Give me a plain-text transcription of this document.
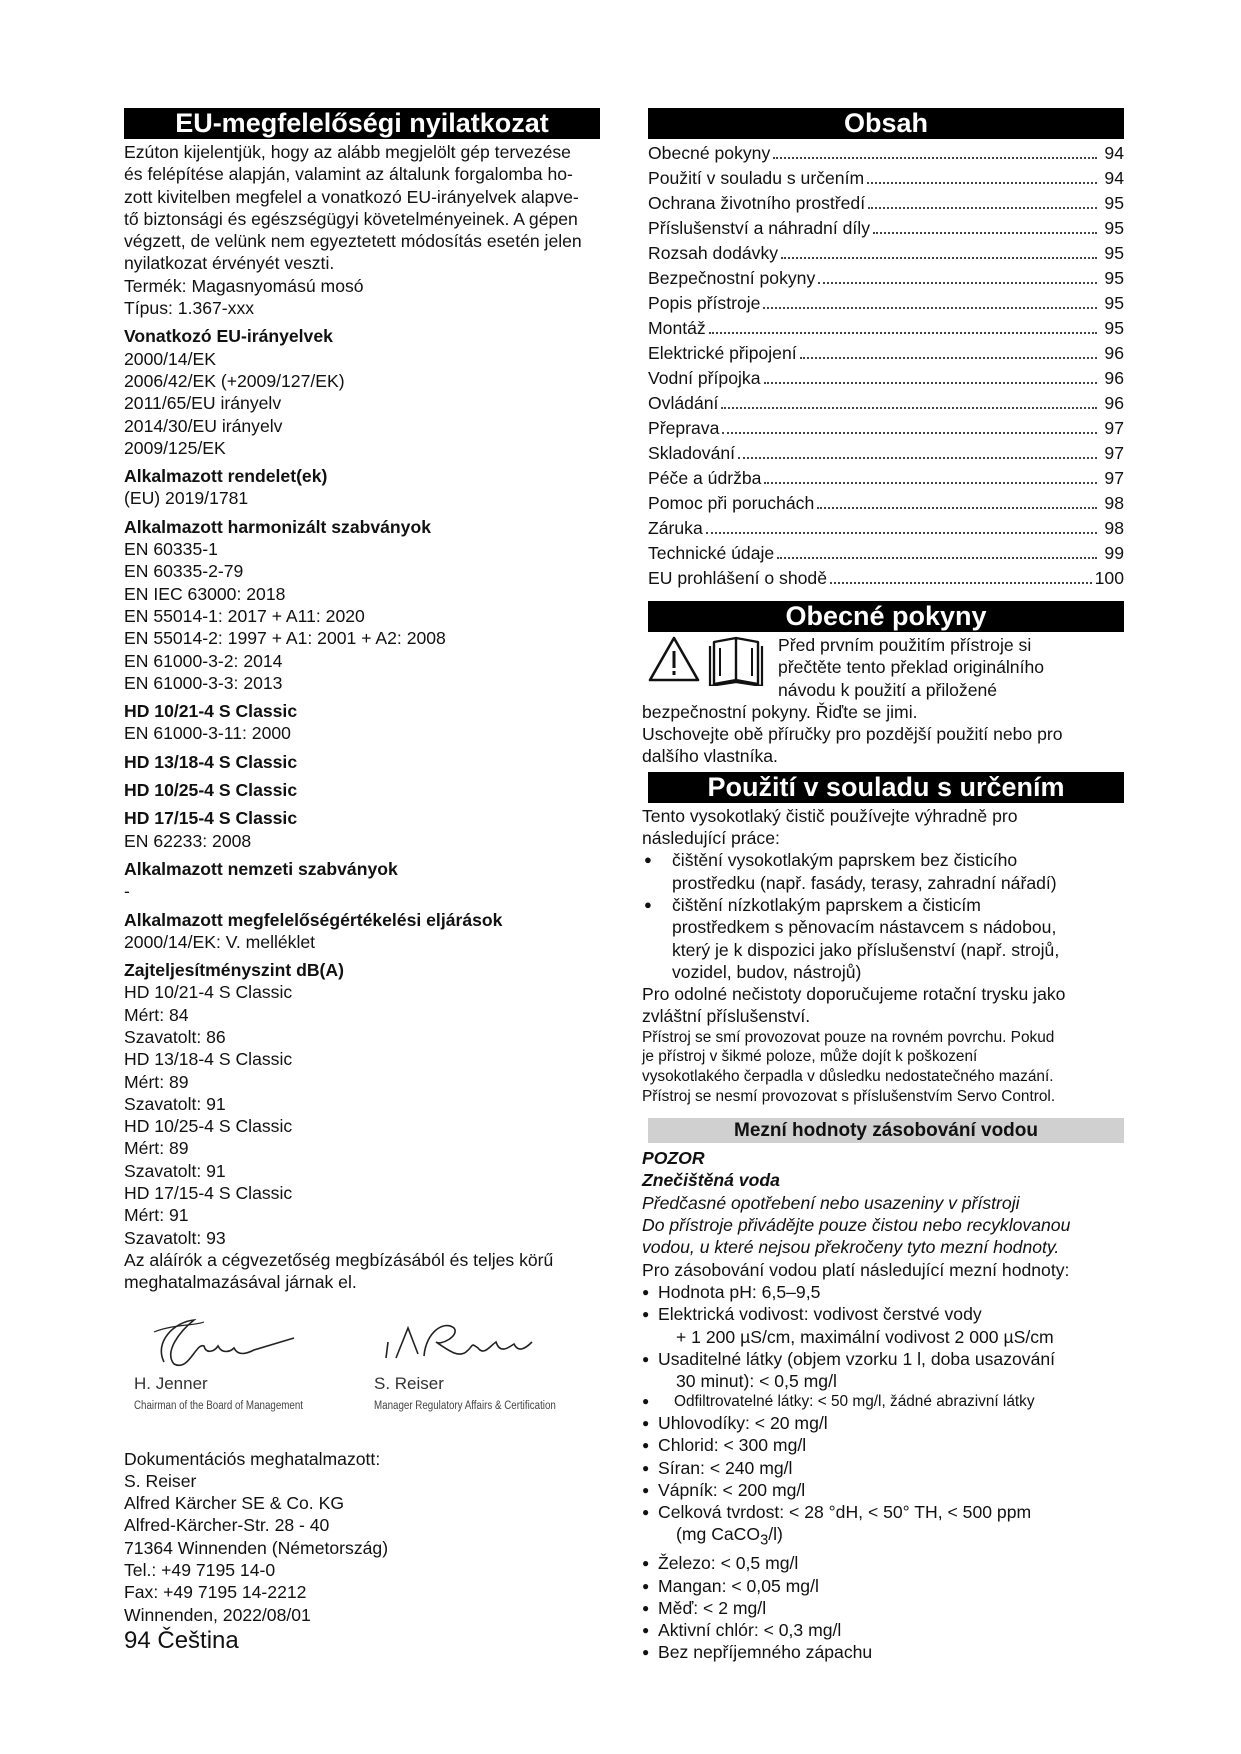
EU-megfelelőségi nyilatkozat
Ezúton kijelentjük, hogy az alább megjelölt gép tervezése
és felépítése alapján, valamint az általunk forgalomba ho-
zott kivitelben megfelel a vonatkozó EU-irányelvek alapve-
tő biztonsági és egészségügyi követelményeinek. A gépen
végzett, de velünk nem egyeztetett módosítás esetén jelen
nyilatkozat érvényét veszti.
Termék: Magasnyomású mosó
Típus: 1.367-xxx
Vonatkozó EU-irányelvek
2000/14/EK
2006/42/EK (+2009/127/EK)
2011/65/EU irányelv
2014/30/EU irányelv
2009/125/EK
Alkalmazott rendelet(ek)
(EU) 2019/1781
Alkalmazott harmonizált szabványok
EN 60335-1
EN 60335-2-79
EN IEC 63000: 2018
EN 55014-1: 2017 + A11: 2020
EN 55014-2: 1997 + A1: 2001 + A2: 2008
EN 61000-3-2: 2014
EN 61000-3-3: 2013
HD 10/21-4 S Classic
EN 61000-3-11: 2000
HD 13/18-4 S Classic
HD 10/25-4 S Classic
HD 17/15-4 S Classic
EN 62233: 2008
Alkalmazott nemzeti szabványok
-
Alkalmazott megfelelőségértékelési eljárások
2000/14/EK: V. melléklet
Zajteljesítményszint dB(A)
HD 10/21-4 S Classic
Mért: 84
Szavatolt: 86
HD 13/18-4 S Classic
Mért: 89
Szavatolt: 91
HD 10/25-4 S Classic
Mért: 89
Szavatolt: 91
HD 17/15-4 S Classic
Mért: 91
Szavatolt: 93
Az aláírók a cégvezetőség megbízásából és teljes körű
meghatalmazásával járnak el.
H. Jenner
Chairman of the Board of Management
S. Reiser
Manager Regulatory Affairs & Certification
Dokumentációs meghatalmazott:
S. Reiser
Alfred Kärcher SE & Co. KG
Alfred-Kärcher-Str. 28 - 40
71364 Winnenden (Németország)
Tel.: +49 7195 14-0
Fax: +49 7195 14-2212
Winnenden, 2022/08/01
Obsah
Obecné pokyny	94
Použití v souladu s určením	94
Ochrana životního prostředí	95
Příslušenství a náhradní díly	95
Rozsah dodávky	95
Bezpečnostní pokyny	95
Popis přístroje	95
Montáž	95
Elektrické připojení	96
Vodní přípojka	96
Ovládání	96
Přeprava	97
Skladování	97
Péče a údržba	97
Pomoc při poruchách	98
Záruka	98
Technické údaje	99
EU prohlášení o shodě	100
Obecné pokyny
Před prvním použitím přístroje si
přečtěte tento překlad originálního
návodu k použití a přiložené
bezpečnostní pokyny. Řiďte se jimi.
Uschovejte obě příručky pro pozdější použití nebo pro
dalšího vlastníka.
Použití v souladu s určením
Tento vysokotlaký čistič používejte výhradně pro
následující práce:
● čištění vysokotlakým paprskem bez čisticího
prostředku (např. fasády, terasy, zahradní nářadí)
● čištění nízkotlakým paprskem a čisticím
prostředkem s pěnovacím nástavcem s nádobou,
který je k dispozici jako příslušenství (např. strojů,
vozidel, budov, nástrojů)
Pro odolné nečistoty doporučujeme rotační trysku jako
zvláštní příslušenství.
Přístroj se smí provozovat pouze na rovném povrchu. Pokud
je přístroj v šikmé poloze, může dojít k poškození
vysokotlakého čerpadla v důsledku nedostatečného mazání.
Přístroj se nesmí provozovat s příslušenstvím Servo Control.
Mezní hodnoty zásobování vodou
POZOR
Znečištěná voda
Předčasné opotřebení nebo usazeniny v přístroji
Do přístroje přivádějte pouze čistou nebo recyklovanou
vodou, u které nejsou překročeny tyto mezní hodnoty.
Pro zásobování vodou platí následující mezní hodnoty:
● Hodnota pH: 6,5–9,5
● Elektrická vodivost: vodivost čerstvé vody
+ 1 200 µS/cm, maximální vodivost 2 000 µS/cm
● Usaditelné látky (objem vzorku 1 l, doba usazování
30 minut): < 0,5 mg/l
● Odfiltrovatelné látky: < 50 mg/l, žádné abrazivní látky
● Uhlovodíky: < 20 mg/l
● Chlorid: < 300 mg/l
● Síran: < 240 mg/l
● Vápník: < 200 mg/l
● Celková tvrdost: < 28 °dH, < 50° TH, < 500 ppm
(mg CaCO$_3$/l)
● Železo: < 0,5 mg/l
● Mangan: < 0,05 mg/l
● Měď: < 2 mg/l
● Aktivní chlór: < 0,3 mg/l
● Bez nepříjemného zápachu
94 Čeština
